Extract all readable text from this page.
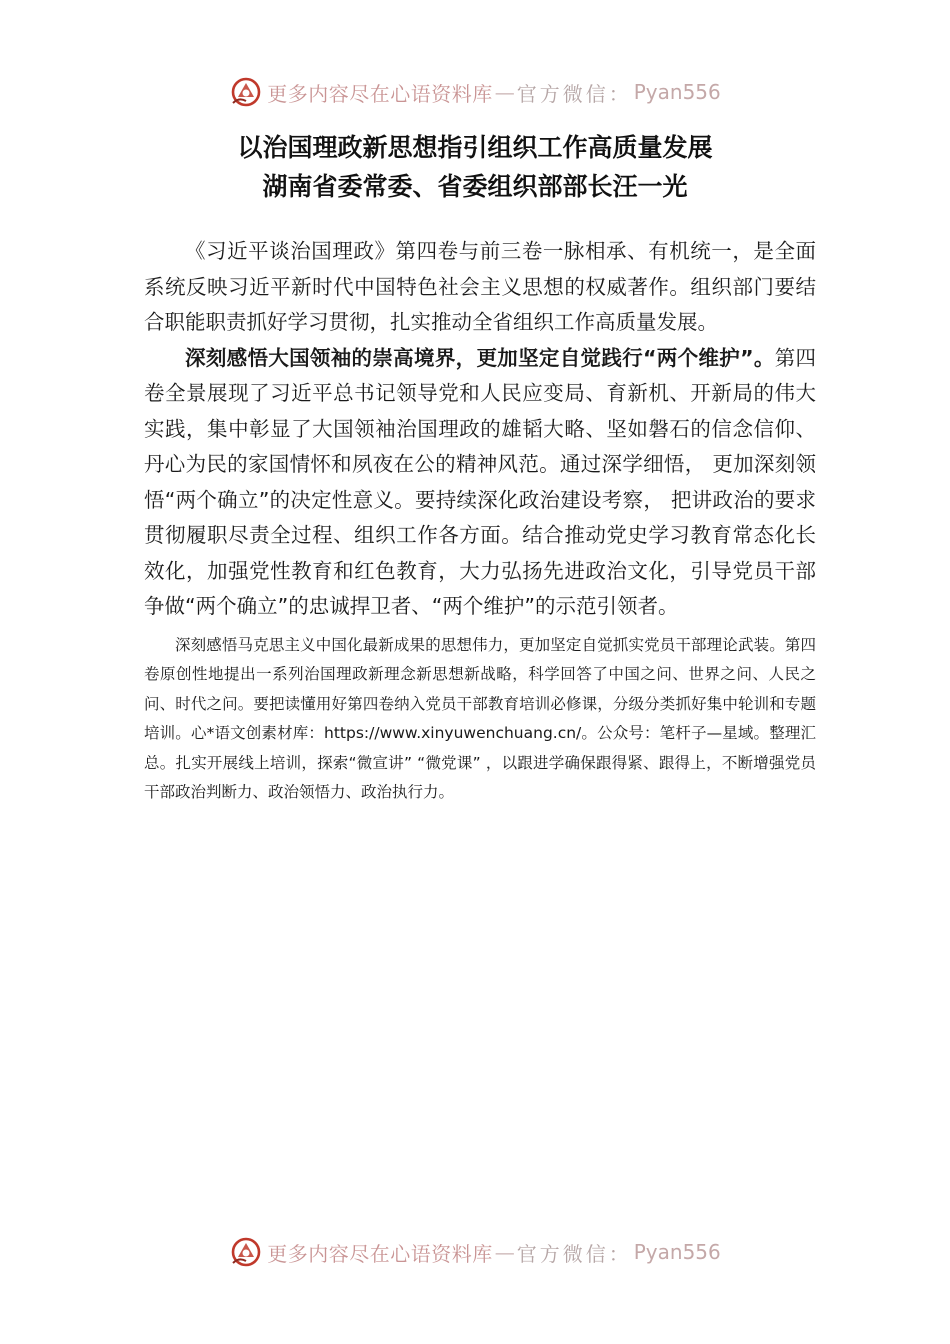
更多内容尽在心语资料库 — 官方微信： Pyan556
以治国理政新思想指引组织工作高质量发展
湖南省委常委、省委组织部部长汪一光

《习近平谈治国理政》第四卷与前三卷一脉相承、有机统一，是全面系统反映习近平新时代中国特色社会主义思想的权威著作。组织部门要结合职能职责抓好学习贯彻，扎实推动全省组织工作高质量发展。

深刻感悟大国领袖的崇高境界，更加坚定自觉践行“两个维护”。第四卷全景展现了习近平总书记领导党和人民应变局、育新机、开新局的伟大实践，集中彰显了大国领袖治国理政的雄韬大略、坚如磐石的信念信仰、丹心为民的家国情怀和夙夜在公的精神风范。通过深学细悟， 更加深刻领悟“两个确立”的决定性意义。要持续深化政治建设考察， 把讲政治的要求贯彻履职尽责全过程、组织工作各方面。结合推动党史学习教育常态化长效化，加强党性教育和红色教育，大力弘扬先进政治文化，引导党员干部争做“两个确立”的忠诚捍卫者、“两个维护”的示范引领者。

深刻感悟马克思主义中国化最新成果的思想伟力，更加坚定自觉抓实党员干部理论武装。第四卷原创性地提出一系列治国理政新理念新思想新战略，科学回答了中国之问、世界之问、人民之问、时代之问。要把读懂用好第四卷纳入党员干部教育培训必修课，分级分类抓好集中轮训和专题培训。心*语文创素材库：https://www.xinyuwenchuang.cn/。公众号：笔杆子—星域。整理汇总。扎实开展线上培训，探索“微宣讲” “微党课” ，以跟进学确保跟得紧、跟得上，不断增强党员干部政治判断力、政治领悟力、政治执行力。

更多内容尽在心语资料库 — 官方微信： Pyan556
